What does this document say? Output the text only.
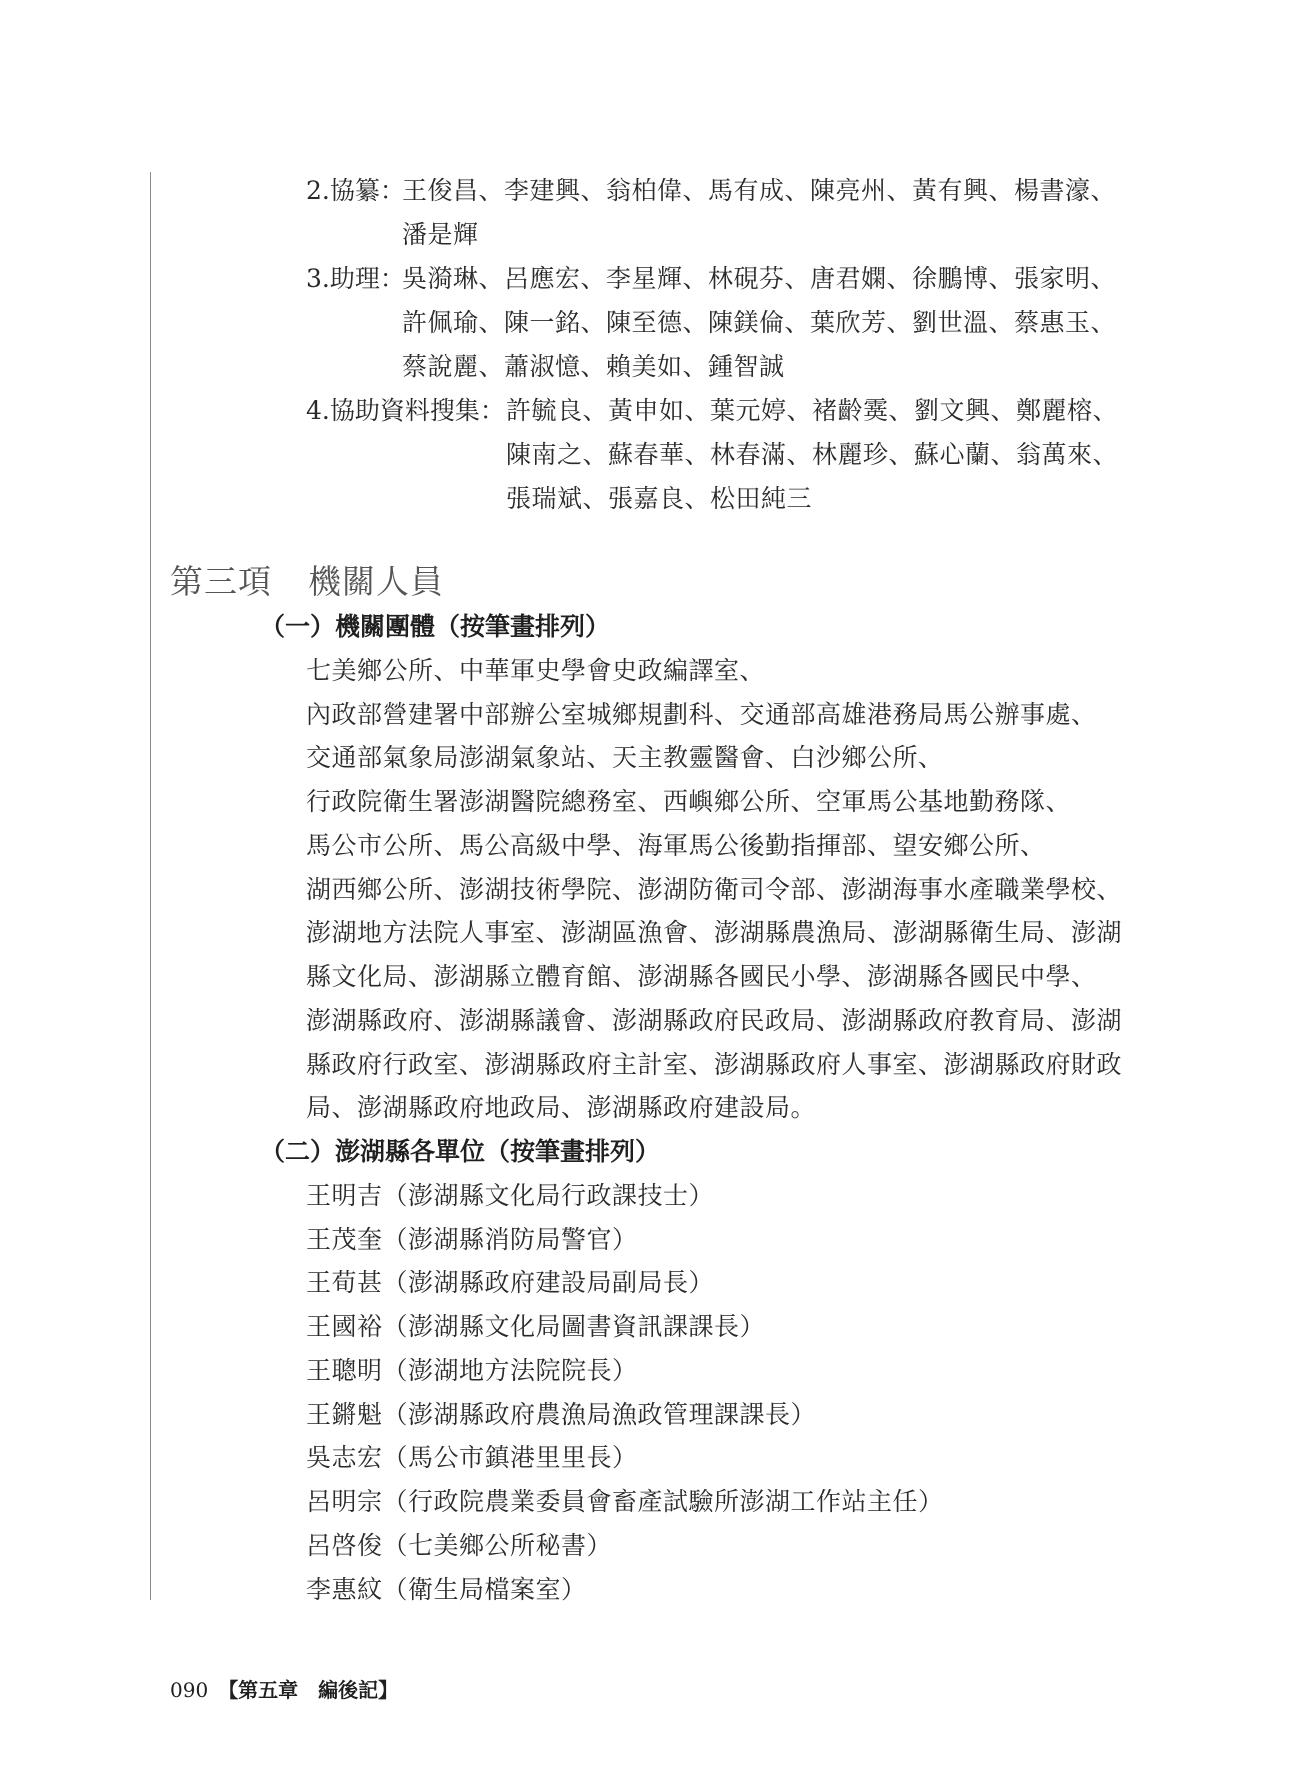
2.協纂：
王俊昌、李建興、翁柏偉、馬有成、陳亮州、黃有興、楊書濠、
潘是輝
3.助理：
吳漪琳、呂應宏、李星輝、林硯芬、唐君嫻、徐鵬博、張家明、
許佩瑜、陳一銘、陳至德、陳鎂倫、葉欣芳、劉世溫、蔡惠玉、
蔡說麗、蕭淑憶、賴美如、鍾智誠
4.協助資料搜集： 許毓良、黃申如、葉元婷、褚齡霙、劉文興、鄭麗榕、
陳南之、蘇春華、林春滿、林麗珍、蘇心蘭、翁萬來、
張瑞斌、張嘉良、松田純三
第三項 機關人員
（一）機關團體（按筆畫排列）
七美鄉公所、中華軍史學會史政編譯室、
內政部營建署中部辦公室城鄉規劃科、交通部高雄港務局馬公辦事處、
交通部氣象局澎湖氣象站、天主教靈醫會、白沙鄉公所、
行政院衛生署澎湖醫院總務室、西嶼鄉公所、空軍馬公基地勤務隊、
馬公市公所、馬公高級中學、海軍馬公後勤指揮部、望安鄉公所、
湖西鄉公所、澎湖技術學院、澎湖防衛司令部、澎湖海事水產職業學校、
澎湖地方法院人事室、澎湖區漁會、澎湖縣農漁局、澎湖縣衛生局、澎湖
縣文化局、澎湖縣立體育館、澎湖縣各國民小學、澎湖縣各國民中學、
澎湖縣政府、澎湖縣議會、澎湖縣政府民政局、澎湖縣政府教育局、澎湖
縣政府行政室、澎湖縣政府主計室、澎湖縣政府人事室、澎湖縣政府財政
局、澎湖縣政府地政局、澎湖縣政府建設局。
（二）澎湖縣各單位（按筆畫排列）
王明吉（澎湖縣文化局行政課技士）
王茂奎（澎湖縣消防局警官）
王荀甚（澎湖縣政府建設局副局長）
王國裕（澎湖縣文化局圖書資訊課課長）
王聰明（澎湖地方法院院長）
王鏘魁（澎湖縣政府農漁局漁政管理課課長）
吳志宏（馬公市鎮港里里長）
呂明宗（行政院農業委員會畜產試驗所澎湖工作站主任）
呂啓俊（七美鄉公所秘書）
李惠紋（衛生局檔案室）
090 【第五章　編後記】
